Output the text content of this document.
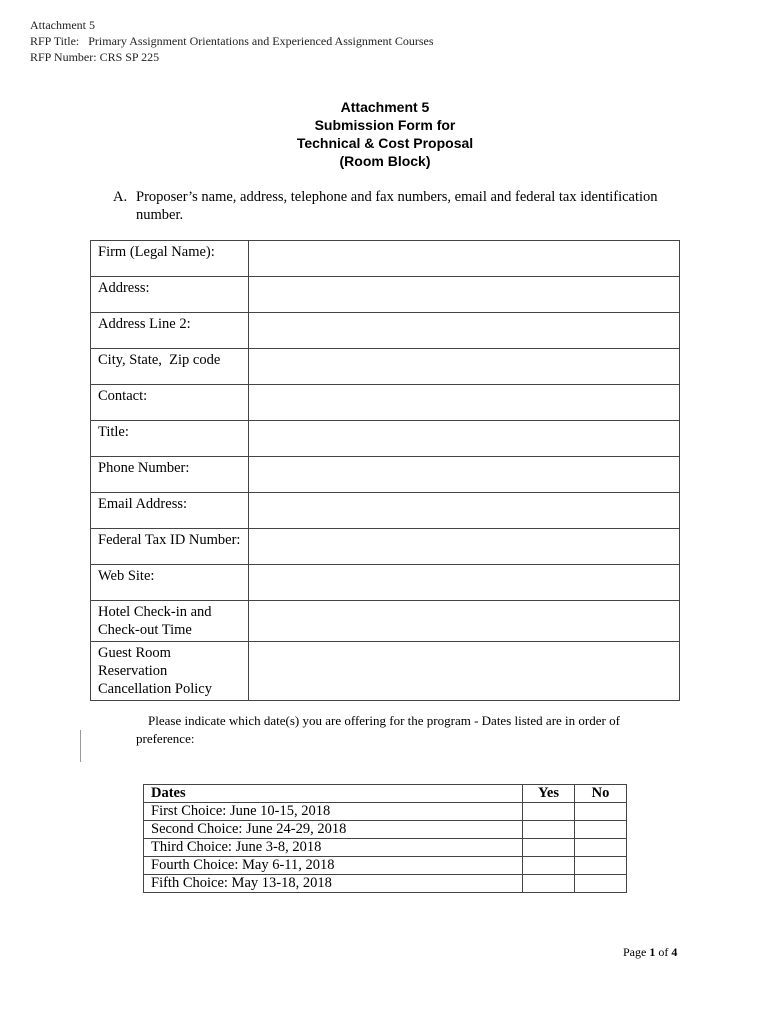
Attachment 5
RFP Title:   Primary Assignment Orientations and Experienced Assignment Courses
RFP Number: CRS SP 225
Attachment 5
Submission Form for
Technical & Cost Proposal
(Room Block)
A. Proposer’s name, address, telephone and fax numbers, email and federal tax identification number.
Firm (Legal Name):	
Address:	
Address Line 2:	
City, State,  Zip code	
Contact:	
Title:	
Phone Number:	
Email Address:	
Federal Tax ID Number:	
Web Site:	
Hotel Check-in and Check-out Time	
Guest Room Reservation Cancellation Policy	
Please indicate which date(s) you are offering for the program - Dates listed are in order of preference:
Dates	Yes	No
First Choice: June 10-15, 2018		
Second Choice: June 24-29, 2018		
Third Choice: June 3-8, 2018		
Fourth Choice: May 6-11, 2018		
Fifth Choice: May 13-18, 2018		
Page 1 of 4
